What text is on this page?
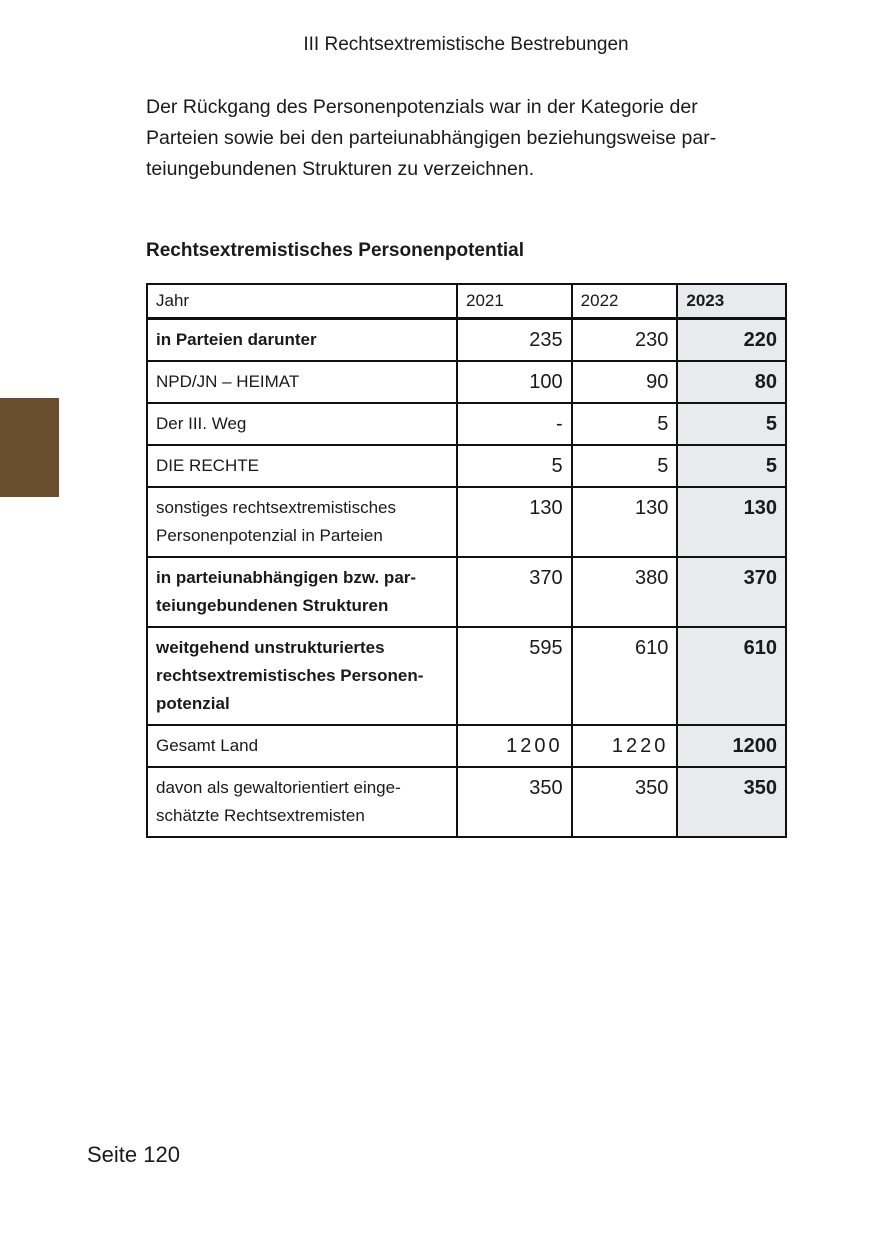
III Rechtsextremistische Bestrebungen

Der Rückgang des Personenpotenzials war in der Kategorie der
Parteien sowie bei den parteiunabhängigen beziehungsweise par-
teiungebundenen Strukturen zu verzeichnen.

Rechtsextremistisches Personenpotential
Jahr	2021	2022	2023
in Parteien darunter	235	230	220
NPD/JN – HEIMAT	100	90	80
Der III. Weg	-	5	5
DIE RECHTE	5	5	5
sonstiges rechtsextremistisches
Personenpotenzial in Parteien	130	130	130
in parteiunabhängigen bzw. par-
teiungebundenen Strukturen	370	380	370
weitgehend unstrukturiertes
rechtsextremistisches Personen-
potenzial	595	610	610
Gesamt Land	1200	1220	1200
davon als gewaltorientiert einge-
schätzte Rechtsextremisten	350	350	350
Seite 120
